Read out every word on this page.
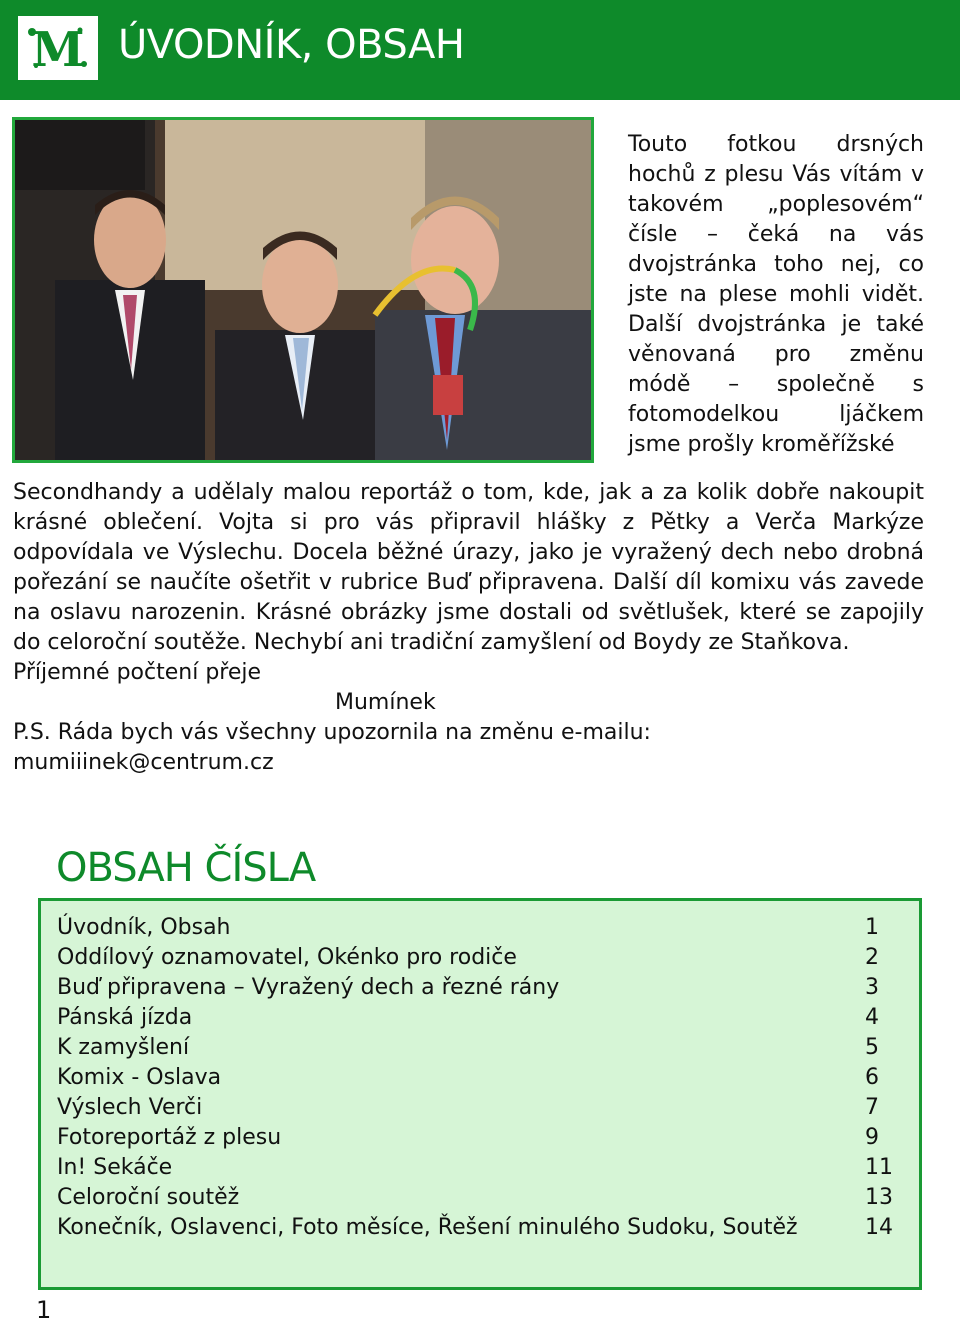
M ÚVODNÍK, OBSAH

Touto fotkou drsných hochů z plesu Vás vítám v takovém „poplesovém“ čísle – čeká na vás dvojstránka toho nej, co jste na plese mohli vidět. Další dvojstránka je také věnovaná pro změnu módě – společně s fotomodelkou ljáčkem jsme prošly kroměřížské

Secondhandy a udělaly malou reportáž o tom, kde, jak a za kolik dobře nakoupit krásné oblečení. Vojta si pro vás připravil hlášky z Pětky a Verča Markýze odpovídala ve Výslechu. Docela běžné úrazy, jako je vyražený dech nebo drobná pořezání se naučíte ošetřit v rubrice Buď připravena. Další díl komixu vás zavede na oslavu narozenin. Krásné obrázky jsme dostali od světlušek, které se zapojily do celoroční soutěže. Nechybí ani tradiční zamyšlení od Boydy ze Staňkova.

Příjemné počtení přeje

Mumínek

P.S. Ráda bych vás všechny upozornila na změnu e-mailu:

mumiiinek@centrum.cz

OBSAH ČÍSLA
Úvodník, Obsah	1
Oddílový oznamovatel, Okénko pro rodiče	2
Buď připravena – Vyražený dech a řezné rány	3
Pánská jízda	4
K zamyšlení	5
Komix - Oslava	6
Výslech Verči	7
Fotoreportáž z plesu	9
In! Sekáče	11
Celoroční soutěž	13
Konečník, Oslavenci, Foto měsíce, Řešení minulého Sudoku, Soutěž	14
1
